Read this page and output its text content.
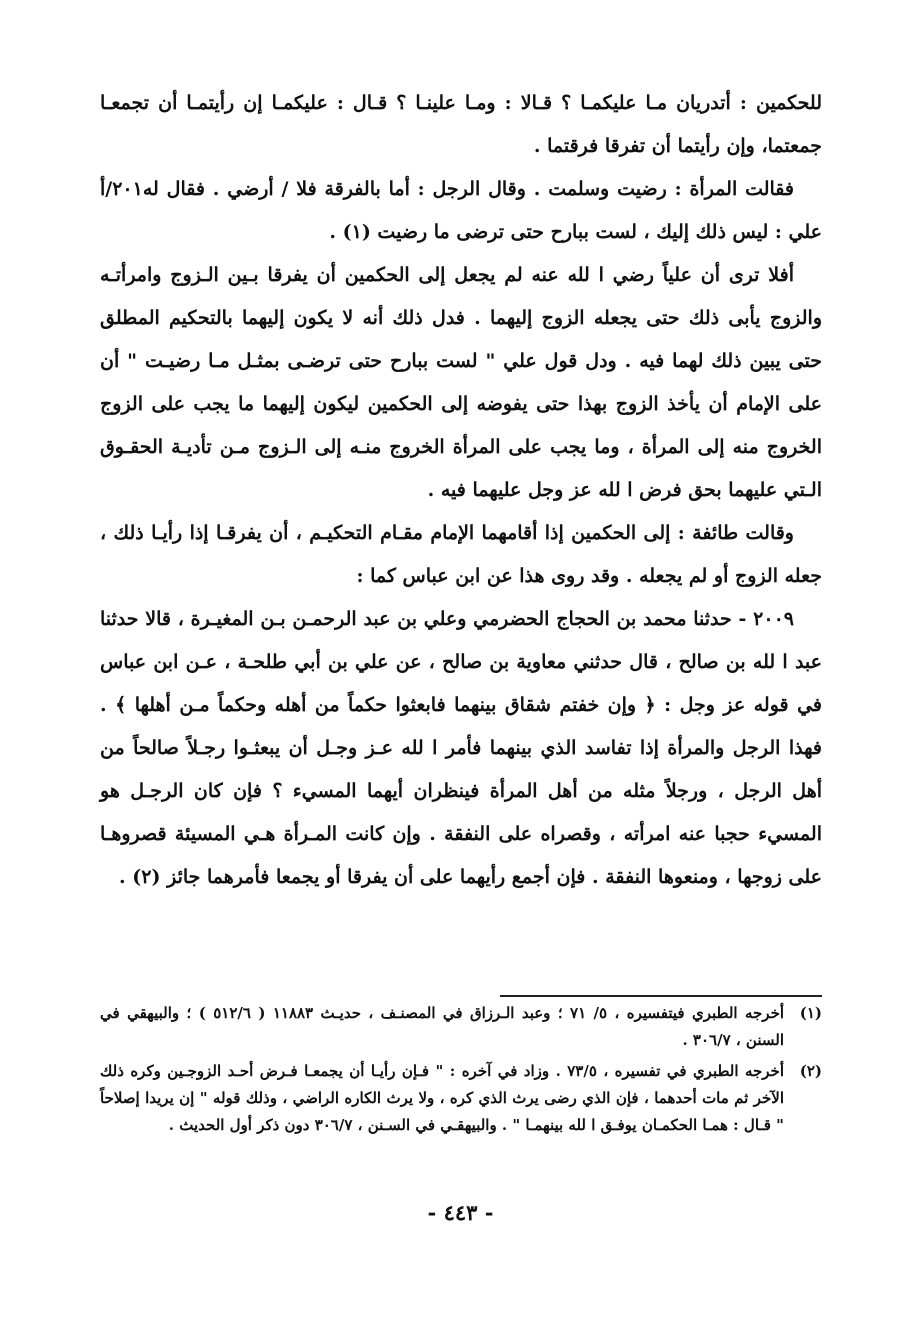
للحكمين : أتدريان مـا عليكمـا ؟ قـالا : ومـا علينـا ؟ قـال : عليكمـا إن رأيتمـا أن تجمعـا جمعتما، وإن رأيتما أن تفرقا فرقتما .

فقالت المرأة : رضيت وسلمت . وقال الرجل : أما بالفرقة فلا / أرضي . فقال له٢٠١/أ علي : ليس ذلك إليك ، لست ببارح حتى ترضى ما رضيت (١) .

أفلا ترى أن علياً رضي ا لله عنه لم يجعل إلى الحكمين أن يفرقا بـين الـزوج وامرأتـه والزوج يأبى ذلك حتى يجعله الزوج إليهما . فدل ذلك أنه لا يكون إليهما بالتحكيم المطلق حتى يبين ذلك لهما فيه . ودل قول علي " لست ببارح حتى ترضـى بمثـل مـا رضيـت " أن على الإمام أن يأخذ الزوج بهذا حتى يفوضه إلى الحكمين ليكون إليهما ما يجب على الزوج الخروج منه إلى المرأة ، وما يجب على المرأة الخروج منـه إلى الـزوج مـن تأديـة الحقـوق الـتي عليهما بحق فرض ا لله عز وجل عليهما فيه .

وقالت طائفة : إلى الحكمين إذا أقامهما الإمام مقـام التحكيـم ، أن يفرقـا إذا رأيـا ذلك ، جعله الزوج أو لم يجعله . وقد روى هذا عن ابن عباس كما :

٢٠٠٩ - حدثنا محمد بن الحجاج الحضرمي وعلي بن عبد الرحمـن بـن المغيـرة ، قالا حدثنا عبد ا لله بن صالح ، قال حدثني معاوية بن صالح ، عن علي بن أبي طلحـة ، عـن ابن عباس في قوله عز وجل : ﴿ وإن خفتم شقاق بينهما فابعثوا حكماً من أهله وحكماً مـن أهلها ﴾ . فهذا الرجل والمرأة إذا تفاسد الذي بينهما فأمر ا لله عـز وجـل أن يبعثـوا رجـلاً صالحاً من أهل الرجل ، ورجلاً مثله من أهل المرأة فينظران أيهما المسيء ؟ فإن كان الرجـل هو المسيء حجبا عنه امرأته ، وقصراه على النفقة . وإن كانت المـرأة هـي المسيئة قصروهـا على زوجها ، ومنعوها النفقة . فإن أجمع رأيهما على أن يفرقا أو يجمعا فأمرهما جائز (٢) .

(١)
أخرجه الطبري فيتفسيره ، ٥/ ٧١ ؛ وعبد الـرزاق في المصنـف ، حديـث ١١٨٨٣ ( ٥١٢/٦ ) ؛ والبيهقي في السنن ، ٣٠٦/٧ .
(٢)
أخرجه الطبري في تفسيره ، ٧٣/٥ . وزاد في آخره : " فـإن رأيـا أن يجمعـا فـرض أحـد الزوجـين وكره ذلك الآخر ثم مات أحدهما ، فإن الذي رضى يرث الذي كره ، ولا يرث الكاره الراضي ، وذلك قوله " إن يريدا إصلاحاً " قـال : همـا الحكمـان يوفـق ا لله بينهمـا " . والبيهقـي في السـنن ، ٣٠٦/٧ دون ذكر أول الحديث .
- ٤٤٣ -
